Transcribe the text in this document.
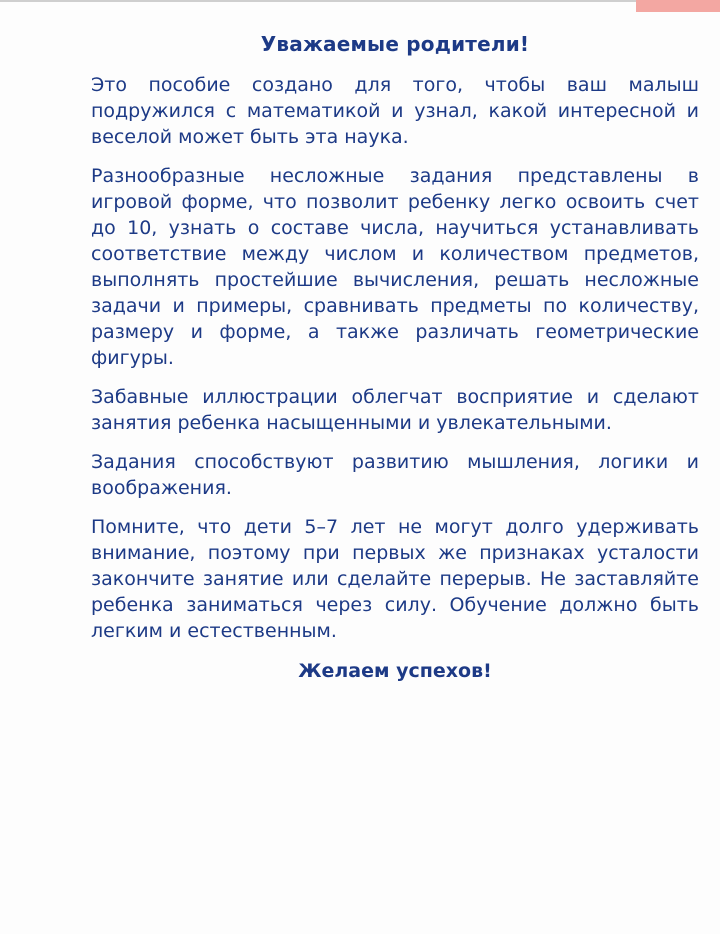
Уважаемые родители!

Это пособие создано для того, чтобы ваш малыш подружился с математикой и узнал, какой интересной и веселой может быть эта наука.

Разнообразные несложные задания представлены в игровой форме, что позволит ребенку легко освоить счет до 10, узнать о составе числа, научиться устанавливать соответствие между числом и количеством предметов, выполнять простейшие вычисления, решать несложные задачи и примеры, сравнивать предметы по количеству, размеру и форме, а также различать геометрические фигуры.

Забавные иллюстрации облегчат восприятие и сделают занятия ребенка насыщенными и увлекательными.

Задания способствуют развитию мышления, логики и воображения.

Помните, что дети 5–7 лет не могут долго удерживать внимание, поэтому при первых же признаках усталости закончите занятие или сделайте перерыв. Не заставляйте ребенка заниматься через силу. Обучение должно быть легким и естественным.

Желаем успехов!
